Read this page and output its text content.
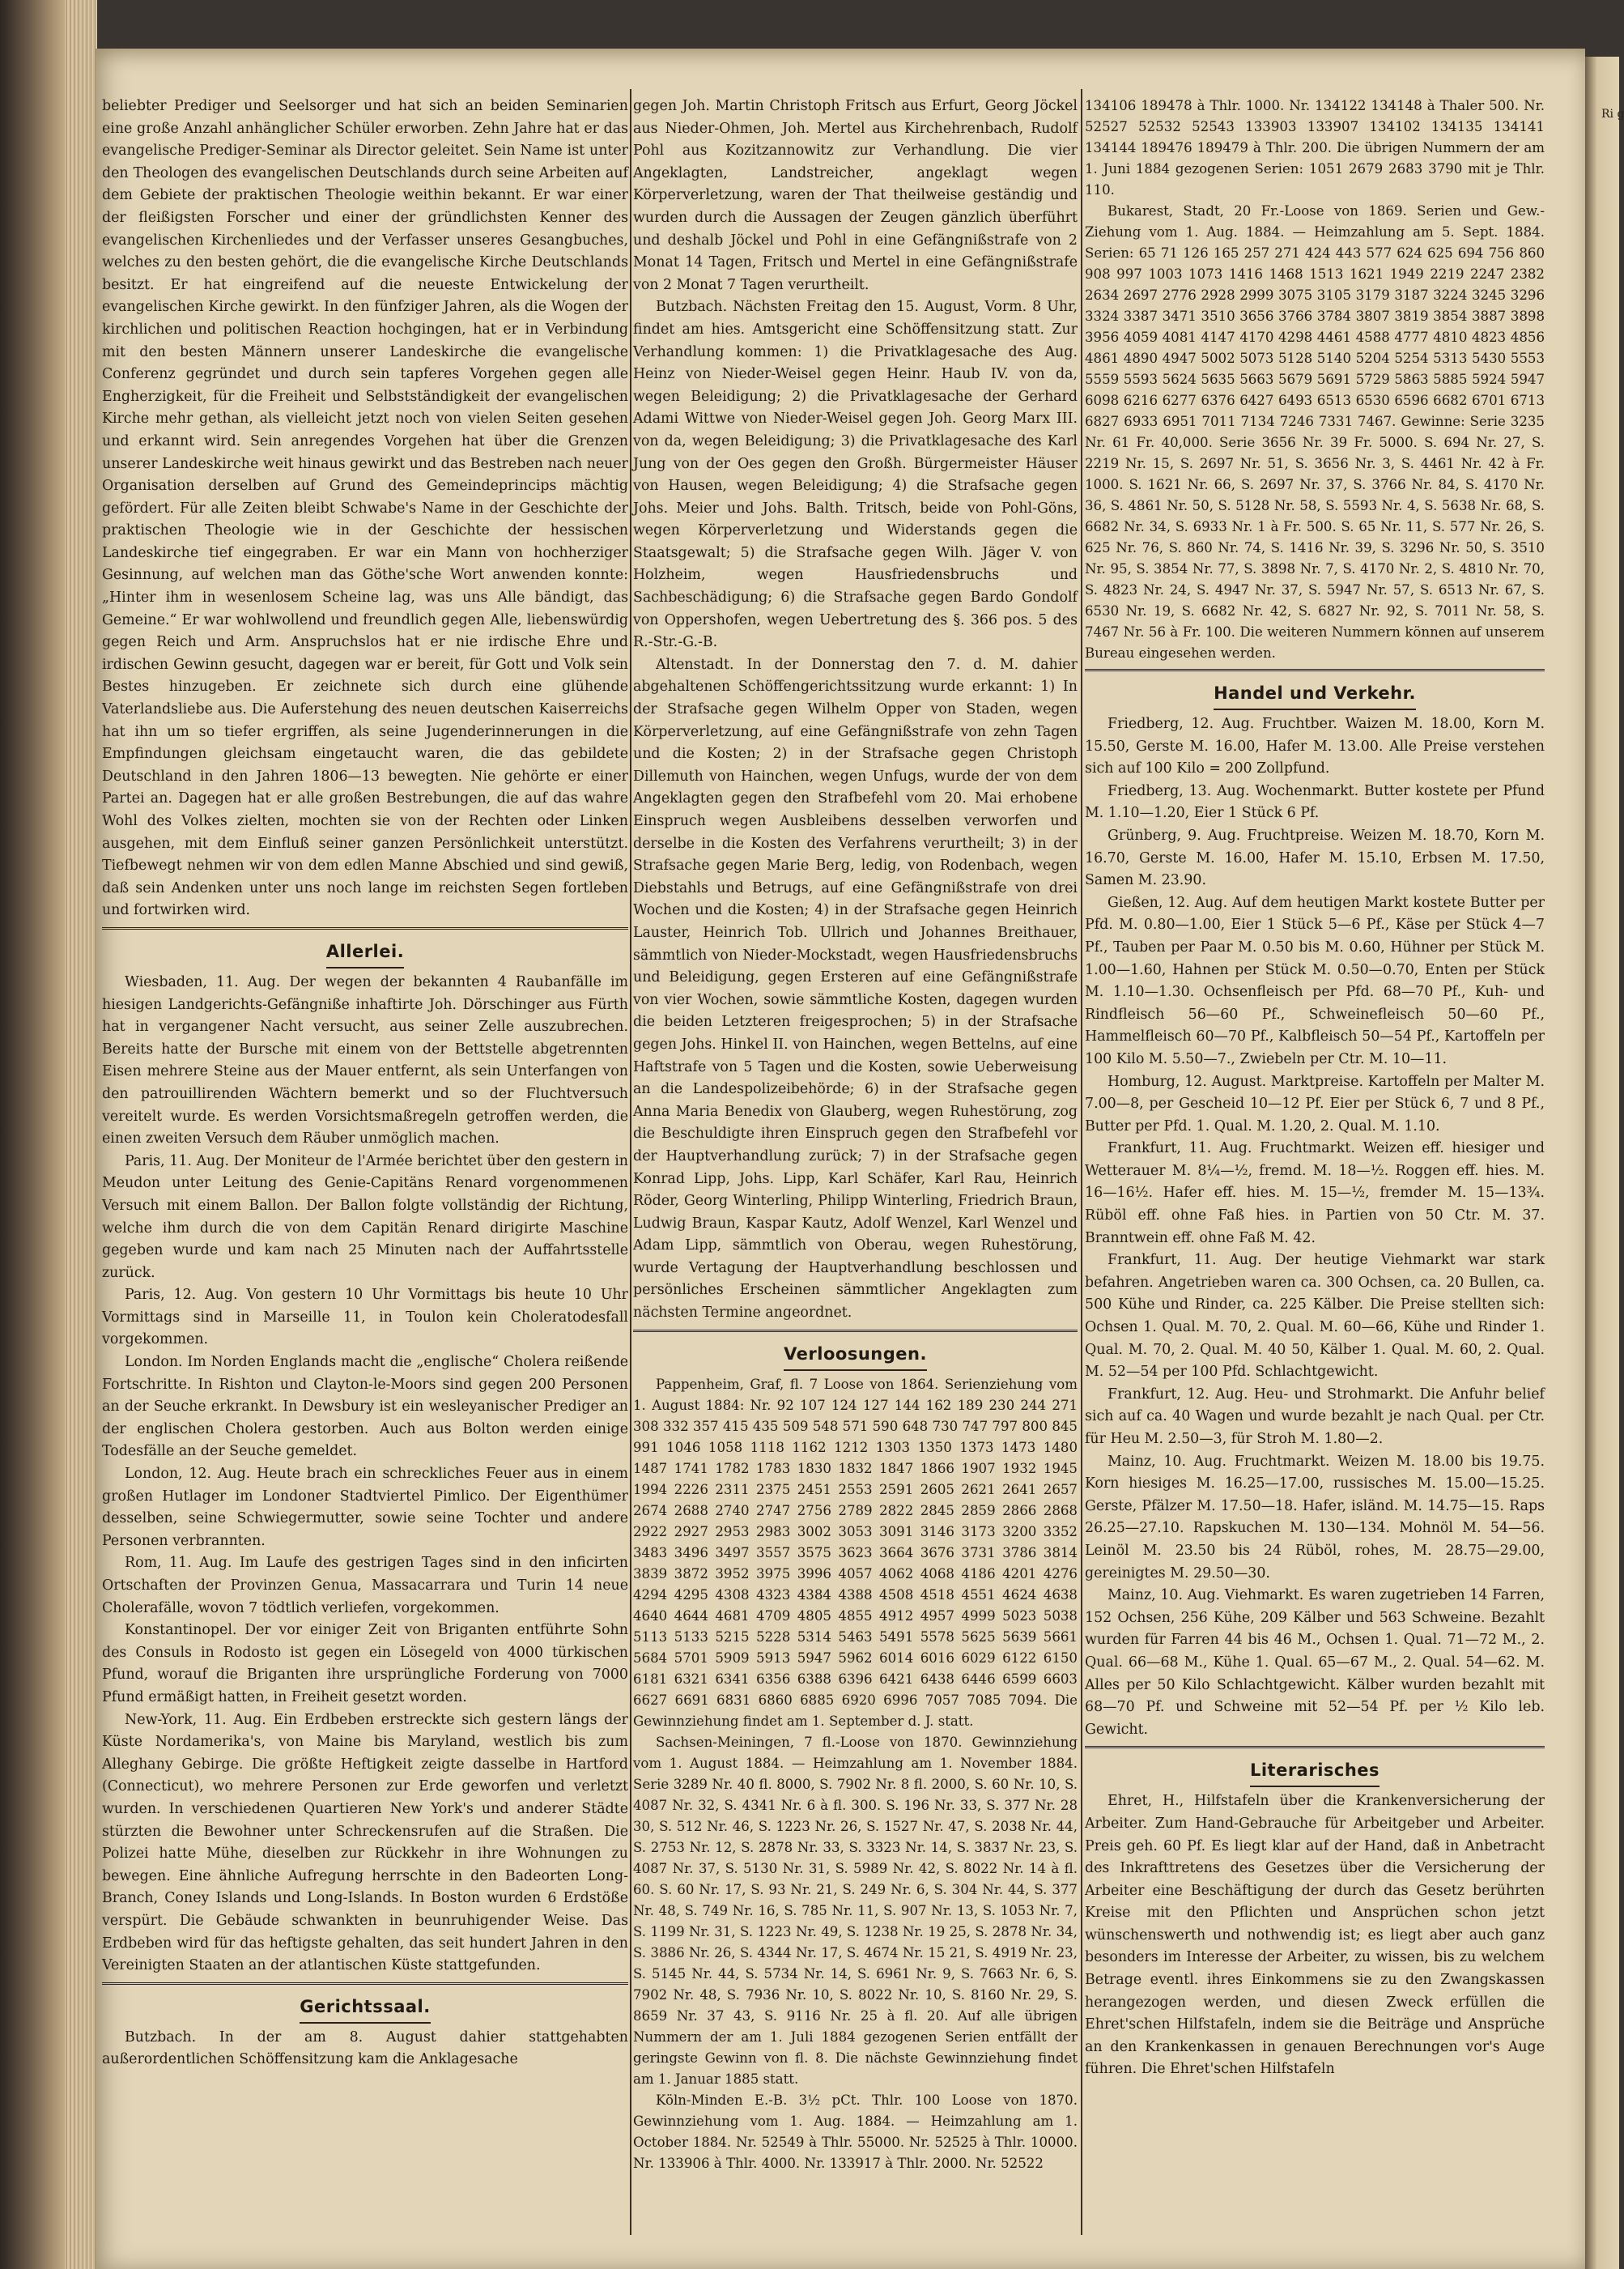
Ri g

beliebter Prediger und Seelsorger und hat sich an beiden Seminarien eine große Anzahl anhänglicher Schüler erworben. Zehn Jahre hat er das evangelische Prediger-Seminar als Director geleitet. Sein Name ist unter den Theologen des evangelischen Deutschlands durch seine Arbeiten auf dem Gebiete der praktischen Theologie weithin bekannt. Er war einer der fleißigsten Forscher und einer der gründlichsten Kenner des evangelischen Kirchenliedes und der Verfasser unseres Gesangbuches, welches zu den besten gehört, die die evangelische Kirche Deutschlands besitzt. Er hat eingreifend auf die neueste Entwickelung der evangelischen Kirche gewirkt. In den fünfziger Jahren, als die Wogen der kirchlichen und politischen Reaction hochgingen, hat er in Verbindung mit den besten Männern unserer Landeskirche die evangelische Conferenz gegründet und durch sein tapferes Vorgehen gegen alle Engherzigkeit, für die Freiheit und Selbstständigkeit der evangelischen Kirche mehr gethan, als vielleicht jetzt noch von vielen Seiten gesehen und erkannt wird. Sein anregendes Vorgehen hat über die Grenzen unserer Landeskirche weit hinaus gewirkt und das Bestreben nach neuer Organisation derselben auf Grund des Gemeindeprincips mächtig gefördert. Für alle Zeiten bleibt Schwabe's Name in der Geschichte der praktischen Theologie wie in der Geschichte der hessischen Landeskirche tief eingegraben. Er war ein Mann von hochherziger Gesinnung, auf welchen man das Göthe'sche Wort anwenden konnte: „Hinter ihm in wesenlosem Scheine lag, was uns Alle bändigt, das Gemeine.“ Er war wohlwollend und freundlich gegen Alle, liebenswürdig gegen Reich und Arm. Anspruchslos hat er nie irdische Ehre und irdischen Gewinn gesucht, dagegen war er bereit, für Gott und Volk sein Bestes hinzugeben. Er zeichnete sich durch eine glühende Vaterlandsliebe aus. Die Auferstehung des neuen deutschen Kaiserreichs hat ihn um so tiefer ergriffen, als seine Jugenderinnerungen in die Empfindungen gleichsam eingetaucht waren, die das gebildete Deutschland in den Jahren 1806—13 bewegten. Nie gehörte er einer Partei an. Dagegen hat er alle großen Bestrebungen, die auf das wahre Wohl des Volkes zielten, mochten sie von der Rechten oder Linken ausgehen, mit dem Einfluß seiner ganzen Persönlichkeit unterstützt. Tiefbewegt nehmen wir von dem edlen Manne Abschied und sind gewiß, daß sein Andenken unter uns noch lange im reichsten Segen fortleben und fortwirken wird.

Allerlei.

Wiesbaden, 11. Aug. Der wegen der bekannten 4 Raubanfälle im hiesigen Landgerichts-Gefängniße inhaftirte Joh. Dörschinger aus Fürth hat in vergangener Nacht versucht, aus seiner Zelle auszubrechen. Bereits hatte der Bursche mit einem von der Bettstelle abgetrennten Eisen mehrere Steine aus der Mauer entfernt, als sein Unterfangen von den patrouillirenden Wächtern bemerkt und so der Fluchtversuch vereitelt wurde. Es werden Vorsichtsmaßregeln getroffen werden, die einen zweiten Versuch dem Räuber unmöglich machen.

Paris, 11. Aug. Der Moniteur de l'Armée berichtet über den gestern in Meudon unter Leitung des Genie-Capitäns Renard vorgenommenen Versuch mit einem Ballon. Der Ballon folgte vollständig der Richtung, welche ihm durch die von dem Capitän Renard dirigirte Maschine gegeben wurde und kam nach 25 Minuten nach der Auffahrtsstelle zurück.

Paris, 12. Aug. Von gestern 10 Uhr Vormittags bis heute 10 Uhr Vormittags sind in Marseille 11, in Toulon kein Choleratodesfall vorgekommen.

London. Im Norden Englands macht die „englische“ Cholera reißende Fortschritte. In Rishton und Clayton-le-Moors sind gegen 200 Personen an der Seuche erkrankt. In Dewsbury ist ein wesleyanischer Prediger an der englischen Cholera gestorben. Auch aus Bolton werden einige Todesfälle an der Seuche gemeldet.

London, 12. Aug. Heute brach ein schreckliches Feuer aus in einem großen Hutlager im Londoner Stadtviertel Pimlico. Der Eigenthümer desselben, seine Schwiegermutter, sowie seine Tochter und andere Personen verbrannten.

Rom, 11. Aug. Im Laufe des gestrigen Tages sind in den inficirten Ortschaften der Provinzen Genua, Massacarrara und Turin 14 neue Cholerafälle, wovon 7 tödtlich verliefen, vorgekommen.

Konstantinopel. Der vor einiger Zeit von Briganten entführte Sohn des Consuls in Rodosto ist gegen ein Lösegeld von 4000 türkischen Pfund, worauf die Briganten ihre ursprüngliche Forderung von 7000 Pfund ermäßigt hatten, in Freiheit gesetzt worden.

New-York, 11. Aug. Ein Erdbeben erstreckte sich gestern längs der Küste Nordamerika's, von Maine bis Maryland, westlich bis zum Alleghany Gebirge. Die größte Heftigkeit zeigte dasselbe in Hartford (Connecticut), wo mehrere Personen zur Erde geworfen und verletzt wurden. In verschiedenen Quartieren New York's und anderer Städte stürzten die Bewohner unter Schreckensrufen auf die Straßen. Die Polizei hatte Mühe, dieselben zur Rückkehr in ihre Wohnungen zu bewegen. Eine ähnliche Aufregung herrschte in den Badeorten Long-Branch, Coney Islands und Long-Islands. In Boston wurden 6 Erdstöße verspürt. Die Gebäude schwankten in beunruhigender Weise. Das Erdbeben wird für das heftigste gehalten, das seit hundert Jahren in den Vereinigten Staaten an der atlantischen Küste stattgefunden.

Gerichtssaal.

Butzbach. In der am 8. August dahier stattgehabten außerordentlichen Schöffensitzung kam die Anklagesache

gegen Joh. Martin Christoph Fritsch aus Erfurt, Georg Jöckel aus Nieder-Ohmen, Joh. Mertel aus Kirchehrenbach, Rudolf Pohl aus Kozitzannowitz zur Verhandlung. Die vier Angeklagten, Landstreicher, angeklagt wegen Körperverletzung, waren der That theilweise geständig und wurden durch die Aussagen der Zeugen gänzlich überführt und deshalb Jöckel und Pohl in eine Gefängnißstrafe von 2 Monat 14 Tagen, Fritsch und Mertel in eine Gefängnißstrafe von 2 Monat 7 Tagen verurtheilt.

Butzbach. Nächsten Freitag den 15. August, Vorm. 8 Uhr, findet am hies. Amtsgericht eine Schöffensitzung statt. Zur Verhandlung kommen: 1) die Privatklagesache des Aug. Heinz von Nieder-Weisel gegen Heinr. Haub IV. von da, wegen Beleidigung; 2) die Privatklagesache der Gerhard Adami Wittwe von Nieder-Weisel gegen Joh. Georg Marx III. von da, wegen Beleidigung; 3) die Privatklagesache des Karl Jung von der Oes gegen den Großh. Bürgermeister Häuser von Hausen, wegen Beleidigung; 4) die Strafsache gegen Johs. Meier und Johs. Balth. Tritsch, beide von Pohl-Göns, wegen Körperverletzung und Widerstands gegen die Staatsgewalt; 5) die Strafsache gegen Wilh. Jäger V. von Holzheim, wegen Hausfriedensbruchs und Sachbeschädigung; 6) die Strafsache gegen Bardo Gondolf von Oppershofen, wegen Uebertretung des §. 366 pos. 5 des R.-Str.-G.-B.

Altenstadt. In der Donnerstag den 7. d. M. dahier abgehaltenen Schöffengerichtssitzung wurde erkannt: 1) In der Strafsache gegen Wilhelm Opper von Staden, wegen Körperverletzung, auf eine Gefängnißstrafe von zehn Tagen und die Kosten; 2) in der Strafsache gegen Christoph Dillemuth von Hainchen, wegen Unfugs, wurde der von dem Angeklagten gegen den Strafbefehl vom 20. Mai erhobene Einspruch wegen Ausbleibens desselben verworfen und derselbe in die Kosten des Verfahrens verurtheilt; 3) in der Strafsache gegen Marie Berg, ledig, von Rodenbach, wegen Diebstahls und Betrugs, auf eine Gefängnißstrafe von drei Wochen und die Kosten; 4) in der Strafsache gegen Heinrich Lauster, Heinrich Tob. Ullrich und Johannes Breithauer, sämmtlich von Nieder-Mockstadt, wegen Hausfriedensbruchs und Beleidigung, gegen Ersteren auf eine Gefängnißstrafe von vier Wochen, sowie sämmtliche Kosten, dagegen wurden die beiden Letzteren freigesprochen; 5) in der Strafsache gegen Johs. Hinkel II. von Hainchen, wegen Bettelns, auf eine Haftstrafe von 5 Tagen und die Kosten, sowie Ueberweisung an die Landespolizeibehörde; 6) in der Strafsache gegen Anna Maria Benedix von Glauberg, wegen Ruhestörung, zog die Beschuldigte ihren Einspruch gegen den Strafbefehl vor der Hauptverhandlung zurück; 7) in der Strafsache gegen Konrad Lipp, Johs. Lipp, Karl Schäfer, Karl Rau, Heinrich Röder, Georg Winterling, Philipp Winterling, Friedrich Braun, Ludwig Braun, Kaspar Kautz, Adolf Wenzel, Karl Wenzel und Adam Lipp, sämmtlich von Oberau, wegen Ruhestörung, wurde Vertagung der Hauptverhandlung beschlossen und persönliches Erscheinen sämmtlicher Angeklagten zum nächsten Termine angeordnet.

Verloosungen.

Pappenheim, Graf, fl. 7 Loose von 1864. Serienziehung vom 1. August 1884: Nr. 92 107 124 127 144 162 189 230 244 271 308 332 357 415 435 509 548 571 590 648 730 747 797 800 845 991 1046 1058 1118 1162 1212 1303 1350 1373 1473 1480 1487 1741 1782 1783 1830 1832 1847 1866 1907 1932 1945 1994 2226 2311 2375 2451 2553 2591 2605 2621 2641 2657 2674 2688 2740 2747 2756 2789 2822 2845 2859 2866 2868 2922 2927 2953 2983 3002 3053 3091 3146 3173 3200 3352 3483 3496 3497 3557 3575 3623 3664 3676 3731 3786 3814 3839 3872 3952 3975 3996 4057 4062 4068 4186 4201 4276 4294 4295 4308 4323 4384 4388 4508 4518 4551 4624 4638 4640 4644 4681 4709 4805 4855 4912 4957 4999 5023 5038 5113 5133 5215 5228 5314 5463 5491 5578 5625 5639 5661 5684 5701 5909 5913 5947 5962 6014 6016 6029 6122 6150 6181 6321 6341 6356 6388 6396 6421 6438 6446 6599 6603 6627 6691 6831 6860 6885 6920 6996 7057 7085 7094. Die Gewinnziehung findet am 1. September d. J. statt.

Sachsen-Meiningen, 7 fl.-Loose von 1870. Gewinnziehung vom 1. August 1884. — Heimzahlung am 1. November 1884. Serie 3289 Nr. 40 fl. 8000, S. 7902 Nr. 8 fl. 2000, S. 60 Nr. 10, S. 4087 Nr. 32, S. 4341 Nr. 6 à fl. 300. S. 196 Nr. 33, S. 377 Nr. 28 30, S. 512 Nr. 46, S. 1223 Nr. 26, S. 1527 Nr. 47, S. 2038 Nr. 44, S. 2753 Nr. 12, S. 2878 Nr. 33, S. 3323 Nr. 14, S. 3837 Nr. 23, S. 4087 Nr. 37, S. 5130 Nr. 31, S. 5989 Nr. 42, S. 8022 Nr. 14 à fl. 60. S. 60 Nr. 17, S. 93 Nr. 21, S. 249 Nr. 6, S. 304 Nr. 44, S. 377 Nr. 48, S. 749 Nr. 16, S. 785 Nr. 11, S. 907 Nr. 13, S. 1053 Nr. 7, S. 1199 Nr. 31, S. 1223 Nr. 49, S. 1238 Nr. 19 25, S. 2878 Nr. 34, S. 3886 Nr. 26, S. 4344 Nr. 17, S. 4674 Nr. 15 21, S. 4919 Nr. 23, S. 5145 Nr. 44, S. 5734 Nr. 14, S. 6961 Nr. 9, S. 7663 Nr. 6, S. 7902 Nr. 48, S. 7936 Nr. 10, S. 8022 Nr. 10, S. 8160 Nr. 29, S. 8659 Nr. 37 43, S. 9116 Nr. 25 à fl. 20. Auf alle übrigen Nummern der am 1. Juli 1884 gezogenen Serien entfällt der geringste Gewinn von fl. 8. Die nächste Gewinnziehung findet am 1. Januar 1885 statt.

Köln-Minden E.-B. 3½ pCt. Thlr. 100 Loose von 1870. Gewinnziehung vom 1. Aug. 1884. — Heimzahlung am 1. October 1884. Nr. 52549 à Thlr. 55000. Nr. 52525 à Thlr. 10000. Nr. 133906 à Thlr. 4000. Nr. 133917 à Thlr. 2000. Nr. 52522

134106 189478 à Thlr. 1000. Nr. 134122 134148 à Thaler 500. Nr. 52527 52532 52543 133903 133907 134102 134135 134141 134144 189476 189479 à Thlr. 200. Die übrigen Nummern der am 1. Juni 1884 gezogenen Serien: 1051 2679 2683 3790 mit je Thlr. 110.

Bukarest, Stadt, 20 Fr.-Loose von 1869. Serien und Gew.-Ziehung vom 1. Aug. 1884. — Heimzahlung am 5. Sept. 1884. Serien: 65 71 126 165 257 271 424 443 577 624 625 694 756 860 908 997 1003 1073 1416 1468 1513 1621 1949 2219 2247 2382 2634 2697 2776 2928 2999 3075 3105 3179 3187 3224 3245 3296 3324 3387 3471 3510 3656 3766 3784 3807 3819 3854 3887 3898 3956 4059 4081 4147 4170 4298 4461 4588 4777 4810 4823 4856 4861 4890 4947 5002 5073 5128 5140 5204 5254 5313 5430 5553 5559 5593 5624 5635 5663 5679 5691 5729 5863 5885 5924 5947 6098 6216 6277 6376 6427 6493 6513 6530 6596 6682 6701 6713 6827 6933 6951 7011 7134 7246 7331 7467. Gewinne: Serie 3235 Nr. 61 Fr. 40,000. Serie 3656 Nr. 39 Fr. 5000. S. 694 Nr. 27, S. 2219 Nr. 15, S. 2697 Nr. 51, S. 3656 Nr. 3, S. 4461 Nr. 42 à Fr. 1000. S. 1621 Nr. 66, S. 2697 Nr. 37, S. 3766 Nr. 84, S. 4170 Nr. 36, S. 4861 Nr. 50, S. 5128 Nr. 58, S. 5593 Nr. 4, S. 5638 Nr. 68, S. 6682 Nr. 34, S. 6933 Nr. 1 à Fr. 500. S. 65 Nr. 11, S. 577 Nr. 26, S. 625 Nr. 76, S. 860 Nr. 74, S. 1416 Nr. 39, S. 3296 Nr. 50, S. 3510 Nr. 95, S. 3854 Nr. 77, S. 3898 Nr. 7, S. 4170 Nr. 2, S. 4810 Nr. 70, S. 4823 Nr. 24, S. 4947 Nr. 37, S. 5947 Nr. 57, S. 6513 Nr. 67, S. 6530 Nr. 19, S. 6682 Nr. 42, S. 6827 Nr. 92, S. 7011 Nr. 58, S. 7467 Nr. 56 à Fr. 100. Die weiteren Nummern können auf unserem Bureau eingesehen werden.

Handel und Verkehr.

Friedberg, 12. Aug. Fruchtber. Waizen M. 18.00, Korn M. 15.50, Gerste M. 16.00, Hafer M. 13.00. Alle Preise verstehen sich auf 100 Kilo = 200 Zollpfund.

Friedberg, 13. Aug. Wochenmarkt. Butter kostete per Pfund M. 1.10—1.20, Eier 1 Stück 6 Pf.

Grünberg, 9. Aug. Fruchtpreise. Weizen M. 18.70, Korn M. 16.70, Gerste M. 16.00, Hafer M. 15.10, Erbsen M. 17.50, Samen M. 23.90.

Gießen, 12. Aug. Auf dem heutigen Markt kostete Butter per Pfd. M. 0.80—1.00, Eier 1 Stück 5—6 Pf., Käse per Stück 4—7 Pf., Tauben per Paar M. 0.50 bis M. 0.60, Hühner per Stück M. 1.00—1.60, Hahnen per Stück M. 0.50—0.70, Enten per Stück M. 1.10—1.30. Ochsenfleisch per Pfd. 68—70 Pf., Kuh- und Rindfleisch 56—60 Pf., Schweinefleisch 50—60 Pf., Hammelfleisch 60—70 Pf., Kalbfleisch 50—54 Pf., Kartoffeln per 100 Kilo M. 5.50—7., Zwiebeln per Ctr. M. 10—11.

Homburg, 12. August. Marktpreise. Kartoffeln per Malter M. 7.00—8, per Gescheid 10—12 Pf. Eier per Stück 6, 7 und 8 Pf., Butter per Pfd. 1. Qual. M. 1.20, 2. Qual. M. 1.10.

Frankfurt, 11. Aug. Fruchtmarkt. Weizen eff. hiesiger und Wetterauer M. 8¼—½, fremd. M. 18—½. Roggen eff. hies. M. 16—16½. Hafer eff. hies. M. 15—½, fremder M. 15—13¾. Rüböl eff. ohne Faß hies. in Partien von 50 Ctr. M. 37. Branntwein eff. ohne Faß M. 42.

Frankfurt, 11. Aug. Der heutige Viehmarkt war stark befahren. Angetrieben waren ca. 300 Ochsen, ca. 20 Bullen, ca. 500 Kühe und Rinder, ca. 225 Kälber. Die Preise stellten sich: Ochsen 1. Qual. M. 70, 2. Qual. M. 60—66, Kühe und Rinder 1. Qual. M. 70, 2. Qual. M. 40 50, Kälber 1. Qual. M. 60, 2. Qual. M. 52—54 per 100 Pfd. Schlachtgewicht.

Frankfurt, 12. Aug. Heu- und Strohmarkt. Die Anfuhr belief sich auf ca. 40 Wagen und wurde bezahlt je nach Qual. per Ctr. für Heu M. 2.50—3, für Stroh M. 1.80—2.

Mainz, 10. Aug. Fruchtmarkt. Weizen M. 18.00 bis 19.75. Korn hiesiges M. 16.25—17.00, russisches M. 15.00—15.25. Gerste, Pfälzer M. 17.50—18. Hafer, isländ. M. 14.75—15. Raps 26.25—27.10. Rapskuchen M. 130—134. Mohnöl M. 54—56. Leinöl M. 23.50 bis 24 Rüböl, rohes, M. 28.75—29.00, gereinigtes M. 29.50—30.

Mainz, 10. Aug. Viehmarkt. Es waren zugetrieben 14 Farren, 152 Ochsen, 256 Kühe, 209 Kälber und 563 Schweine. Bezahlt wurden für Farren 44 bis 46 M., Ochsen 1. Qual. 71—72 M., 2. Qual. 66—68 M., Kühe 1. Qual. 65—67 M., 2. Qual. 54—62. M. Alles per 50 Kilo Schlachtgewicht. Kälber wurden bezahlt mit 68—70 Pf. und Schweine mit 52—54 Pf. per ½ Kilo leb. Gewicht.

Literarisches

Ehret, H., Hilfstafeln über die Krankenversicherung der Arbeiter. Zum Hand-Gebrauche für Arbeitgeber und Arbeiter. Preis geh. 60 Pf. Es liegt klar auf der Hand, daß in Anbetracht des Inkrafttretens des Gesetzes über die Versicherung der Arbeiter eine Beschäftigung der durch das Gesetz berührten Kreise mit den Pflichten und Ansprüchen schon jetzt wünschenswerth und nothwendig ist; es liegt aber auch ganz besonders im Interesse der Arbeiter, zu wissen, bis zu welchem Betrage eventl. ihres Einkommens sie zu den Zwangskassen herangezogen werden, und diesen Zweck erfüllen die Ehret'schen Hilfstafeln, indem sie die Beiträge und Ansprüche an den Krankenkassen in genauen Berechnungen vor's Auge führen. Die Ehret'schen Hilfstafeln
